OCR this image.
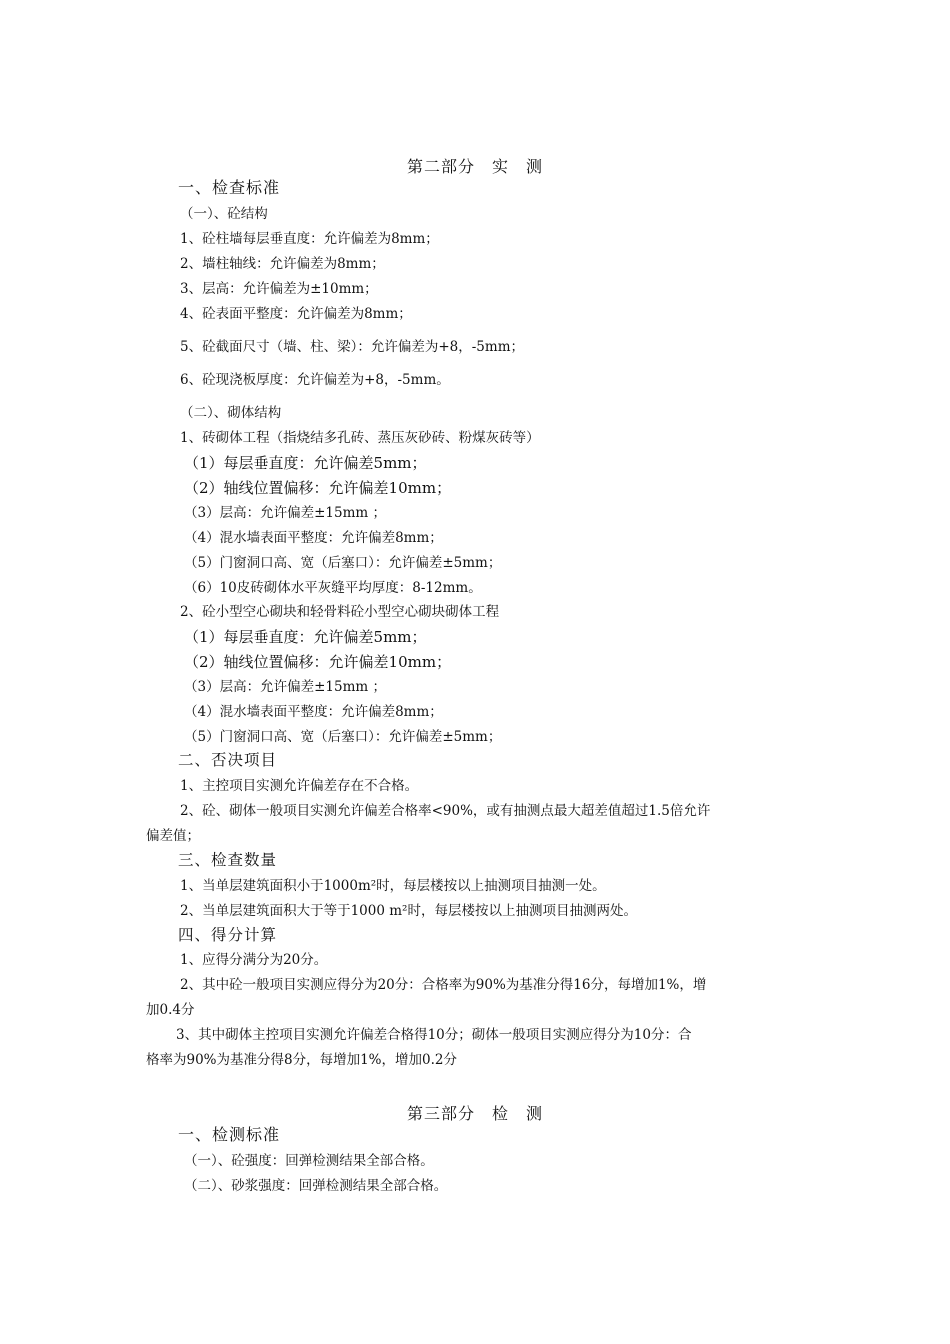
第二部分　实　测
一、检查标准
（一）、砼结构
1、砼柱墙每层垂直度：允许偏差为8mm；
2、墙柱轴线：允许偏差为8mm；
3、层高：允许偏差为±10mm；
4、砼表面平整度：允许偏差为8mm；
5、砼截面尺寸（墙、柱、梁）：允许偏差为+8，-5mm；
6、砼现浇板厚度：允许偏差为+8，-5mm。
（二）、砌体结构
1、砖砌体工程（指烧结多孔砖、蒸压灰砂砖、粉煤灰砖等）
（1）每层垂直度：允许偏差5mm；
（2）轴线位置偏移：允许偏差10mm；
（3）层高：允许偏差±15mm ；
（4）混水墙表面平整度：允许偏差8mm；
（5）门窗洞口高、宽（后塞口）：允许偏差±5mm；
（6）10皮砖砌体水平灰缝平均厚度：8-12mm。
2、砼小型空心砌块和轻骨料砼小型空心砌块砌体工程
（1）每层垂直度：允许偏差5mm；
（2）轴线位置偏移：允许偏差10mm；
（3）层高：允许偏差±15mm ；
（4）混水墙表面平整度：允许偏差8mm；
（5）门窗洞口高、宽（后塞口）：允许偏差±5mm；
二、否决项目
1、主控项目实测允许偏差存在不合格。
2、砼、砌体一般项目实测允许偏差合格率<90%，或有抽测点最大超差值超过1.5倍允许
偏差值；
三、检查数量
1、当单层建筑面积小于1000m²时，每层楼按以上抽测项目抽测一处。
2、当单层建筑面积大于等于1000 m²时，每层楼按以上抽测项目抽测两处。
四、得分计算
1、应得分满分为20分。
2、其中砼一般项目实测应得分为20分：合格率为90%为基准分得16分，每增加1%，增
加0.4分
3、其中砌体主控项目实测允许偏差合格得10分；砌体一般项目实测应得分为10分：合
格率为90%为基准分得8分，每增加1%，增加0.2分
第三部分　检　测
一、检测标准
（一）、砼强度：回弹检测结果全部合格。
（二）、砂浆强度：回弹检测结果全部合格。
